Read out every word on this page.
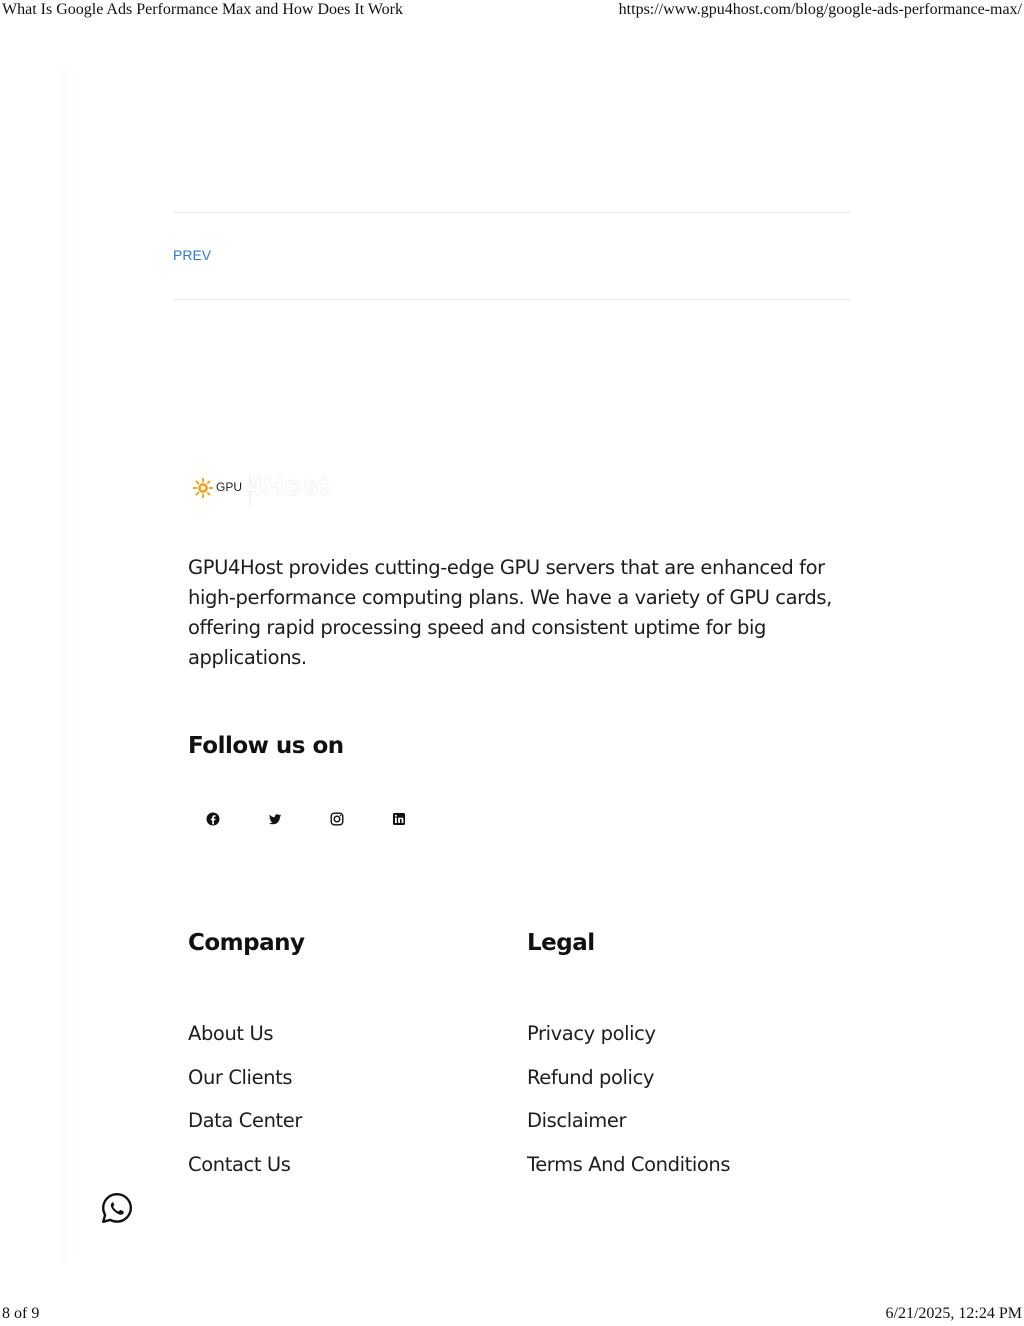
What Is Google Ads Performance Max and How Does It Work	https://www.gpu4host.com/blog/google-ads-performance-max/
PREV
GPU 4Host
GPU4Host provides cutting-edge GPU servers that are enhanced for high-performance computing plans. We have a variety of GPU cards, offering rapid processing speed and consistent uptime for big applications.
Follow us on
Company
About Us
Our Clients
Data Center
Contact Us
Legal
Privacy policy
Refund policy
Disclaimer
Terms And Conditions
8 of 9	6/21/2025, 12:24 PM
